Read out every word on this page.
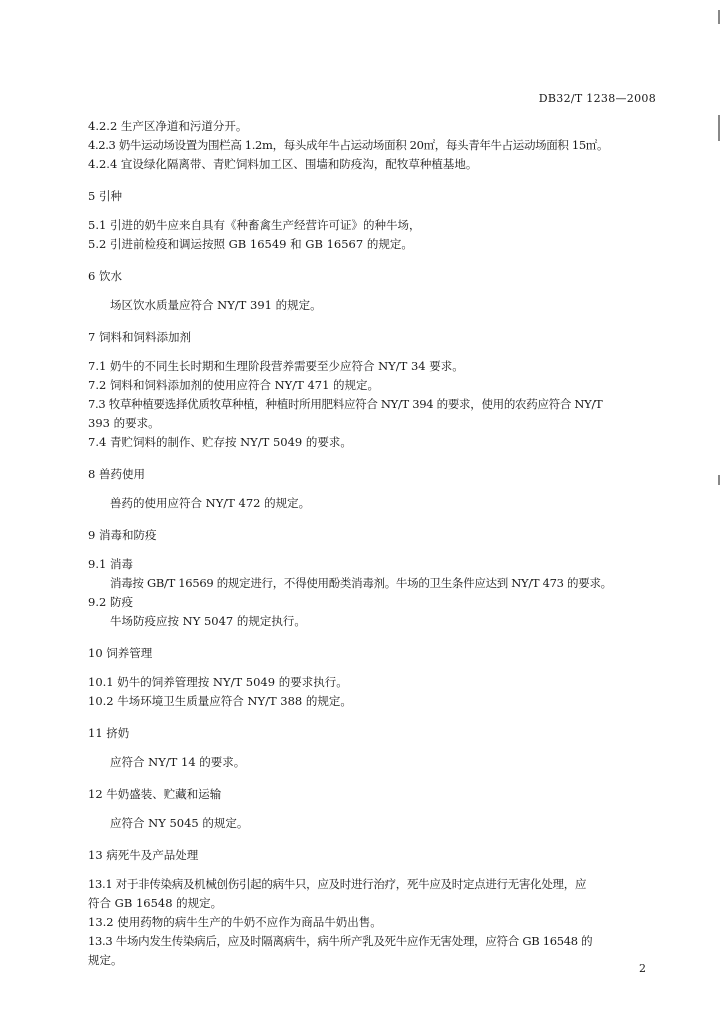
DB32/T 1238—2008
4.2.2 生产区净道和污道分开。
4.2.3 奶牛运动场设置为围栏高 1.2m，每头成年牛占运动场面积 20㎡，每头青年牛占运动场面积 15㎡。
4.2.4 宜设绿化隔离带、青贮饲料加工区、围墙和防疫沟，配牧草种植基地。
5 引种
5.1 引进的奶牛应来自具有《种畜禽生产经营许可证》的种牛场，
5.2 引进前检疫和调运按照 GB 16549 和 GB 16567 的规定。
6 饮水
场区饮水质量应符合 NY/T 391 的规定。
7 饲料和饲料添加剂
7.1 奶牛的不同生长时期和生理阶段营养需要至少应符合 NY/T 34 要求。
7.2 饲料和饲料添加剂的使用应符合 NY/T 471 的规定。
7.3 牧草种植要选择优质牧草种植，种植时所用肥料应符合 NY/T 394 的要求，使用的农药应符合 NY/T
393 的要求。
7.4 青贮饲料的制作、贮存按 NY/T 5049 的要求。
8 兽药使用
兽药的使用应符合 NY/T 472 的规定。
9 消毒和防疫
9.1 消毒
消毒按 GB/T 16569 的规定进行，不得使用酚类消毒剂。牛场的卫生条件应达到 NY/T 473 的要求。
9.2 防疫
牛场防疫应按 NY 5047 的规定执行。
10 饲养管理
10.1 奶牛的饲养管理按 NY/T 5049 的要求执行。
10.2 牛场环境卫生质量应符合 NY/T 388 的规定。
11 挤奶
应符合 NY/T 14 的要求。
12 牛奶盛装、贮藏和运输
应符合 NY 5045 的规定。
13 病死牛及产品处理
13.1 对于非传染病及机械创伤引起的病牛只，应及时进行治疗，死牛应及时定点进行无害化处理，应
符合 GB 16548 的规定。
13.2 使用药物的病牛生产的牛奶不应作为商品牛奶出售。
13.3 牛场内发生传染病后，应及时隔离病牛，病牛所产乳及死牛应作无害处理，应符合 GB 16548 的
规定。
2
